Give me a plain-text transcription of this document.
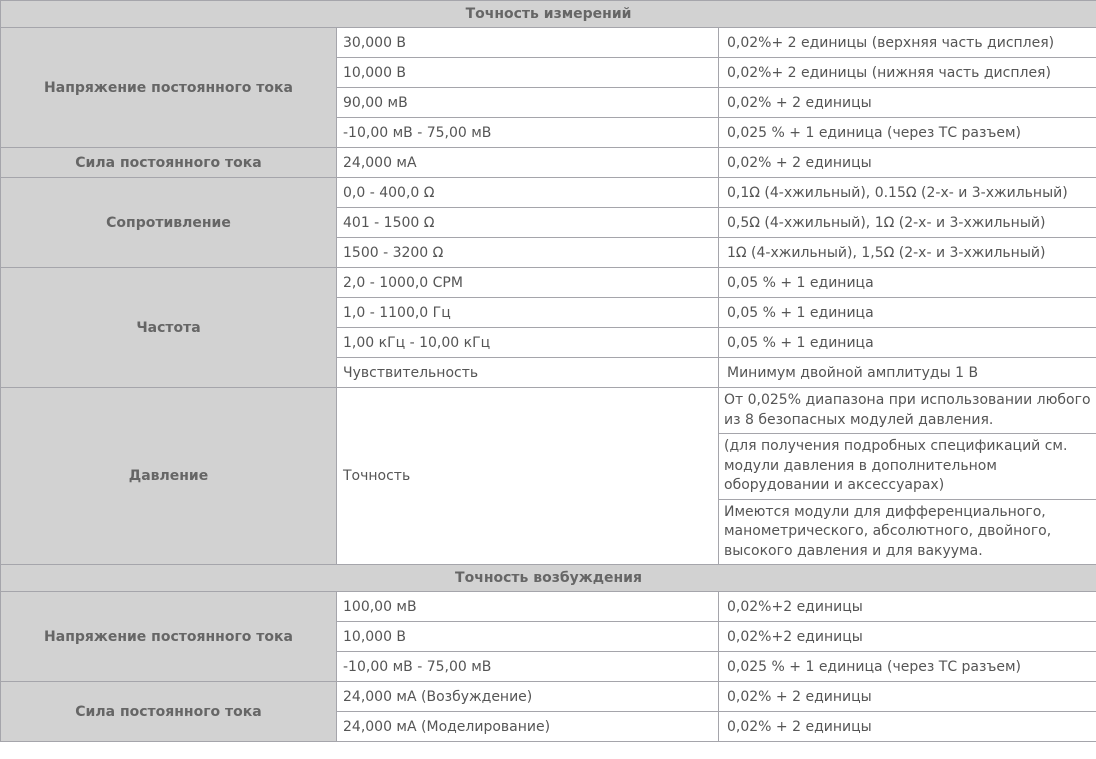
Точность измерений		
Напряжение постоянного тока	30,000 В	0,02%+ 2 единицы (верхняя часть дисплея)
	10,000 В	0,02%+ 2 единицы (нижняя часть дисплея)
	90,00 мВ	0,02% + 2 единицы
	-10,00 мВ - 75,00 мВ	0,025 % + 1 единица (через ТС разъем)
Сила постоянного тока	24,000 мА	0,02% + 2 единицы
Сопротивление	0,0 - 400,0 Ω	0,1Ω (4-хжильный), 0.15Ω (2-х- и 3-хжильный)
	401 - 1500 Ω	0,5Ω (4-хжильный), 1Ω (2-х- и 3-хжильный)
	1500 - 3200 Ω	1Ω (4-хжильный), 1,5Ω (2-х- и 3-хжильный)
Частота	2,0 - 1000,0 CPM	0,05 % + 1 единица
	1,0 - 1100,0 Гц	0,05 % + 1 единица
	1,00 кГц - 10,00 кГц	0,05 % + 1 единица
	Чувствительность	Минимум двойной амплитуды 1 В
Давление	Точность	От 0,025% диапазона при использовании любого из 8 безопасных модулей давления.
		(для получения подробных спецификаций см. модули давления в дополнительном оборудовании и аксессуарах)
		Имеются модули для дифференциального, манометрического, абсолютного, двойного, высокого давления и для вакуума.
Точность возбуждения		
Напряжение постоянного тока	100,00 мВ	0,02%+2 единицы
	10,000 В	0,02%+2 единицы
	-10,00 мВ - 75,00 мВ	0,025 % + 1 единица (через ТС разъем)
Сила постоянного тока	24,000 мА (Возбуждение)	0,02% + 2 единицы
	24,000 мА (Моделирование)	0,02% + 2 единицы
